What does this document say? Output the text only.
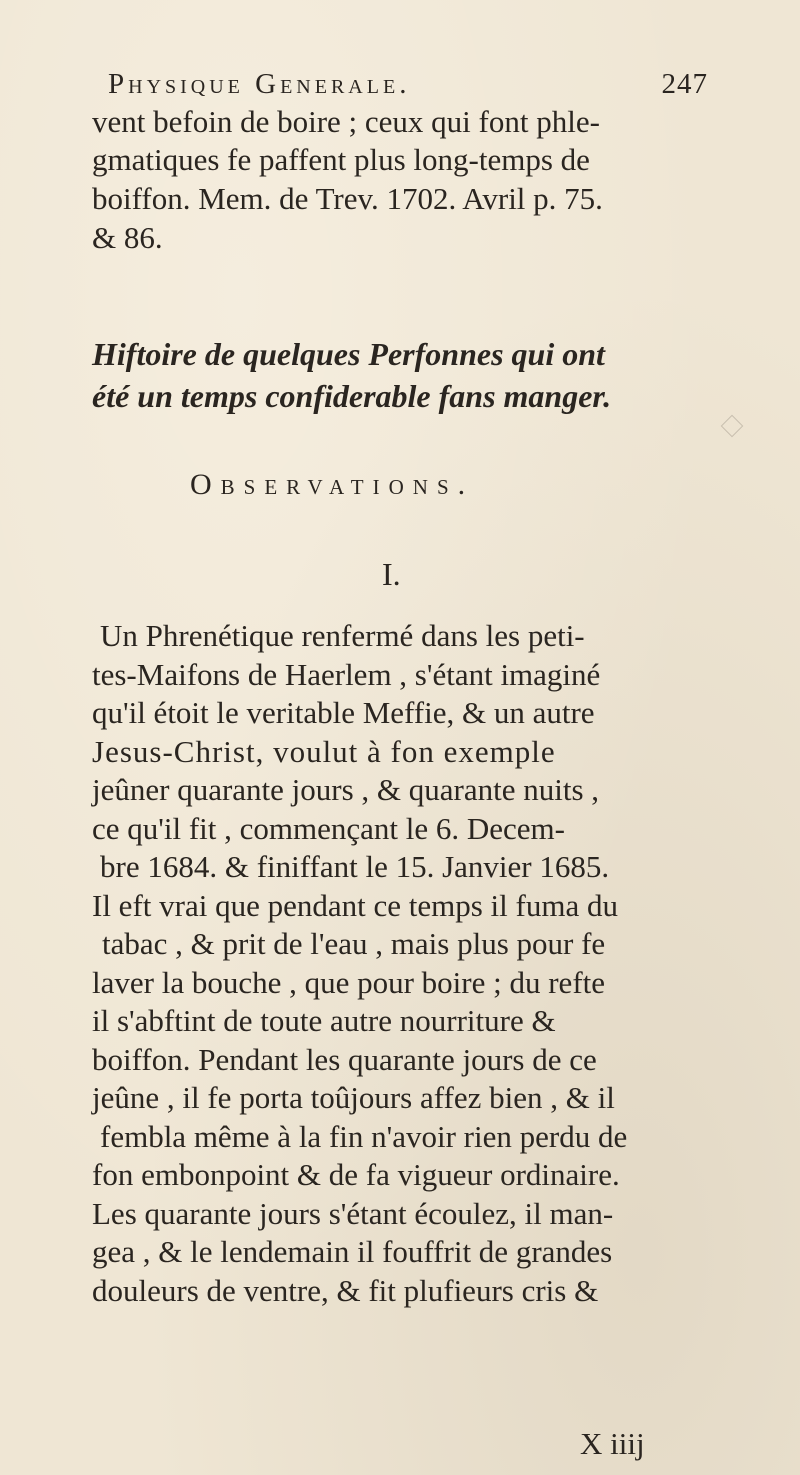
Physique Generale.	247
vent befoin de boire ; ceux qui font phle-
gmatiques fe paffent plus long-temps de
boiffon. Mem. de Trev. 1702. Avril p. 75.
& 86.
Hiftoire de quelques Perfonnes qui ont
été un temps confiderable fans manger.
Observations.
I.
Un Phrenétique renfermé dans les peti-
tes-Maifons de Haerlem , s'étant imaginé
qu'il étoit le veritable Meffie, & un autre
Jesus-Christ, voulut à fon exemple
jeûner quarante jours , & quarante nuits ,
ce qu'il fit , commençant le 6. Decem-
bre 1684. & finiffant le 15. Janvier 1685.
Il eft vrai que pendant ce temps il fuma du
tabac , & prit de l'eau , mais plus pour fe
laver la bouche , que pour boire ; du refte
il s'abftint de toute autre nourriture &
boiffon. Pendant les quarante jours de ce
jeûne , il fe porta toûjours affez bien , & il
fembla même à la fin n'avoir rien perdu de
fon embonpoint & de fa vigueur ordinaire.
Les quarante jours s'étant écoulez, il man-
gea , & le lendemain il fouffrit de grandes
douleurs de ventre, & fit plufieurs cris &
X iiij
